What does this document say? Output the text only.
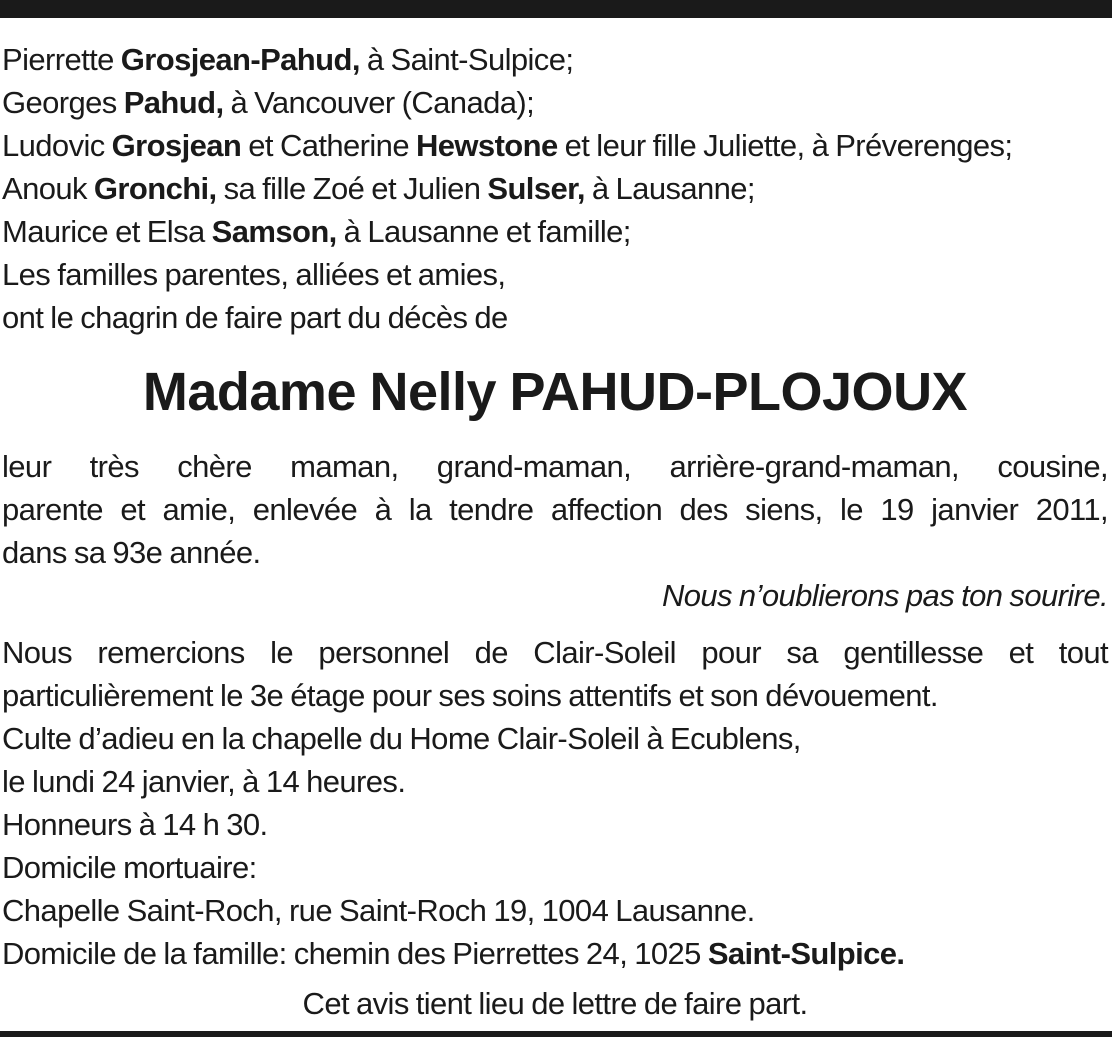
Pierrette Grosjean-Pahud, à Saint-Sulpice;
Georges Pahud, à Vancouver (Canada);
Ludovic Grosjean et Catherine Hewstone et leur fille Juliette, à Préverenges;
Anouk Gronchi, sa fille Zoé et Julien Sulser, à Lausanne;
Maurice et Elsa Samson, à Lausanne et famille;
Les familles parentes, alliées et amies,
ont le chagrin de faire part du décès de
Madame Nelly PAHUD-PLOJOUX
leur très chère maman, grand-maman, arrière-grand-maman, cousine,
parente et amie, enlevée à la tendre affection des siens, le 19 janvier 2011,
dans sa 93e année.
Nous n’oublierons pas ton sourire.
Nous remercions le personnel de Clair-Soleil pour sa gentillesse et tout
particulièrement le 3e étage pour ses soins attentifs et son dévouement.
Culte d’adieu en la chapelle du Home Clair-Soleil à Ecublens,
le lundi 24 janvier, à 14 heures.
Honneurs à 14 h 30.
Domicile mortuaire:
Chapelle Saint-Roch, rue Saint-Roch 19, 1004 Lausanne.
Domicile de la famille: chemin des Pierrettes 24, 1025 Saint-Sulpice.
Cet avis tient lieu de lettre de faire part.
